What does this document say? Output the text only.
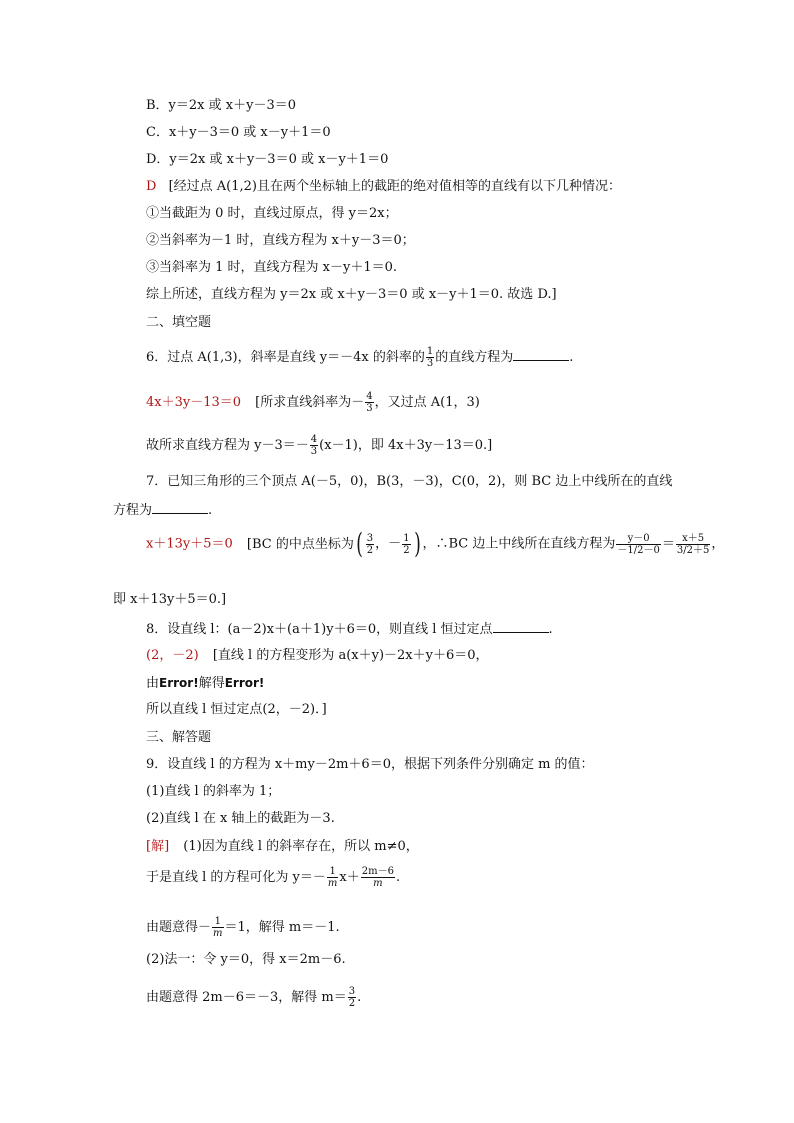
B．y＝2x 或 x＋y－3＝0
C．x＋y－3＝0 或 x－y＋1＝0
D．y＝2x 或 x＋y－3＝0 或 x－y＋1＝0
D [经过点 A(1,2)且在两个坐标轴上的截距的绝对值相等的直线有以下几种情况：
①当截距为 0 时，直线过原点，得 y＝2x；
②当斜率为－1 时，直线方程为 x＋y－3＝0；
③当斜率为 1 时，直线方程为 x－y＋1＝0.
综上所述，直线方程为 y＝2x 或 x＋y－3＝0 或 x－y＋1＝0. 故选 D.]
二、填空题
6．过点 A(1,3)，斜率是直线 y＝－4x 的斜率的 $\frac{1}{3}$ 的直线方程为	.
4x＋3y－13＝0 [所求直线斜率为－ $\frac{4}{3}$ ，又过点 A(1，3)
故所求直线方程为 $y-3=- \frac{4}{3} (x-1)$，即 4x＋3y－13＝0.]
7．已知三角形的三个顶点 A(－5，0)，B(3，－3)，C(0，2)，则 BC 边上中线所在的直线
方程为	.
x＋13y＋5＝0 [BC 的中点坐标为( $\frac{3}{2}$ ，－ $\frac{1}{2}$ ) ，∴BC 边上中线所在直线方程为 $\frac{y-0}{-1/2-0} = \frac{x+5}{3/2+5}$ ，
即 x＋13y＋5＝0.]
8．设直线 l：(a－2)x＋(a＋1)y＋6＝0，则直线 l 恒过定点	.
(2，－2) [直线 l 的方程变形为 a(x＋y)－2x＋y＋6＝0，
由Error!解得Error!
所以直线 l 恒过定点(2，－2)．]
三、解答题
9．设直线 l 的方程为 x＋my－2m＋6＝0，根据下列条件分别确定 m 的值：
(1)直线 l 的斜率为 1；
(2)直线 l 在 x 轴上的截距为－3.
[解] (1)因为直线 l 的斜率存在，所以 m≠0，
于是直线 l 的方程可化为 $y=- \frac{1}{m} x+ \frac{2m-6}{m}$ .
由题意得－ $\frac{1}{m} =1$，解得 m＝－1.
(2)法一：令 y＝0，得 x＝2m－6.
由题意得 2m－6＝－3，解得 $m= \frac{3}{2}$ .
